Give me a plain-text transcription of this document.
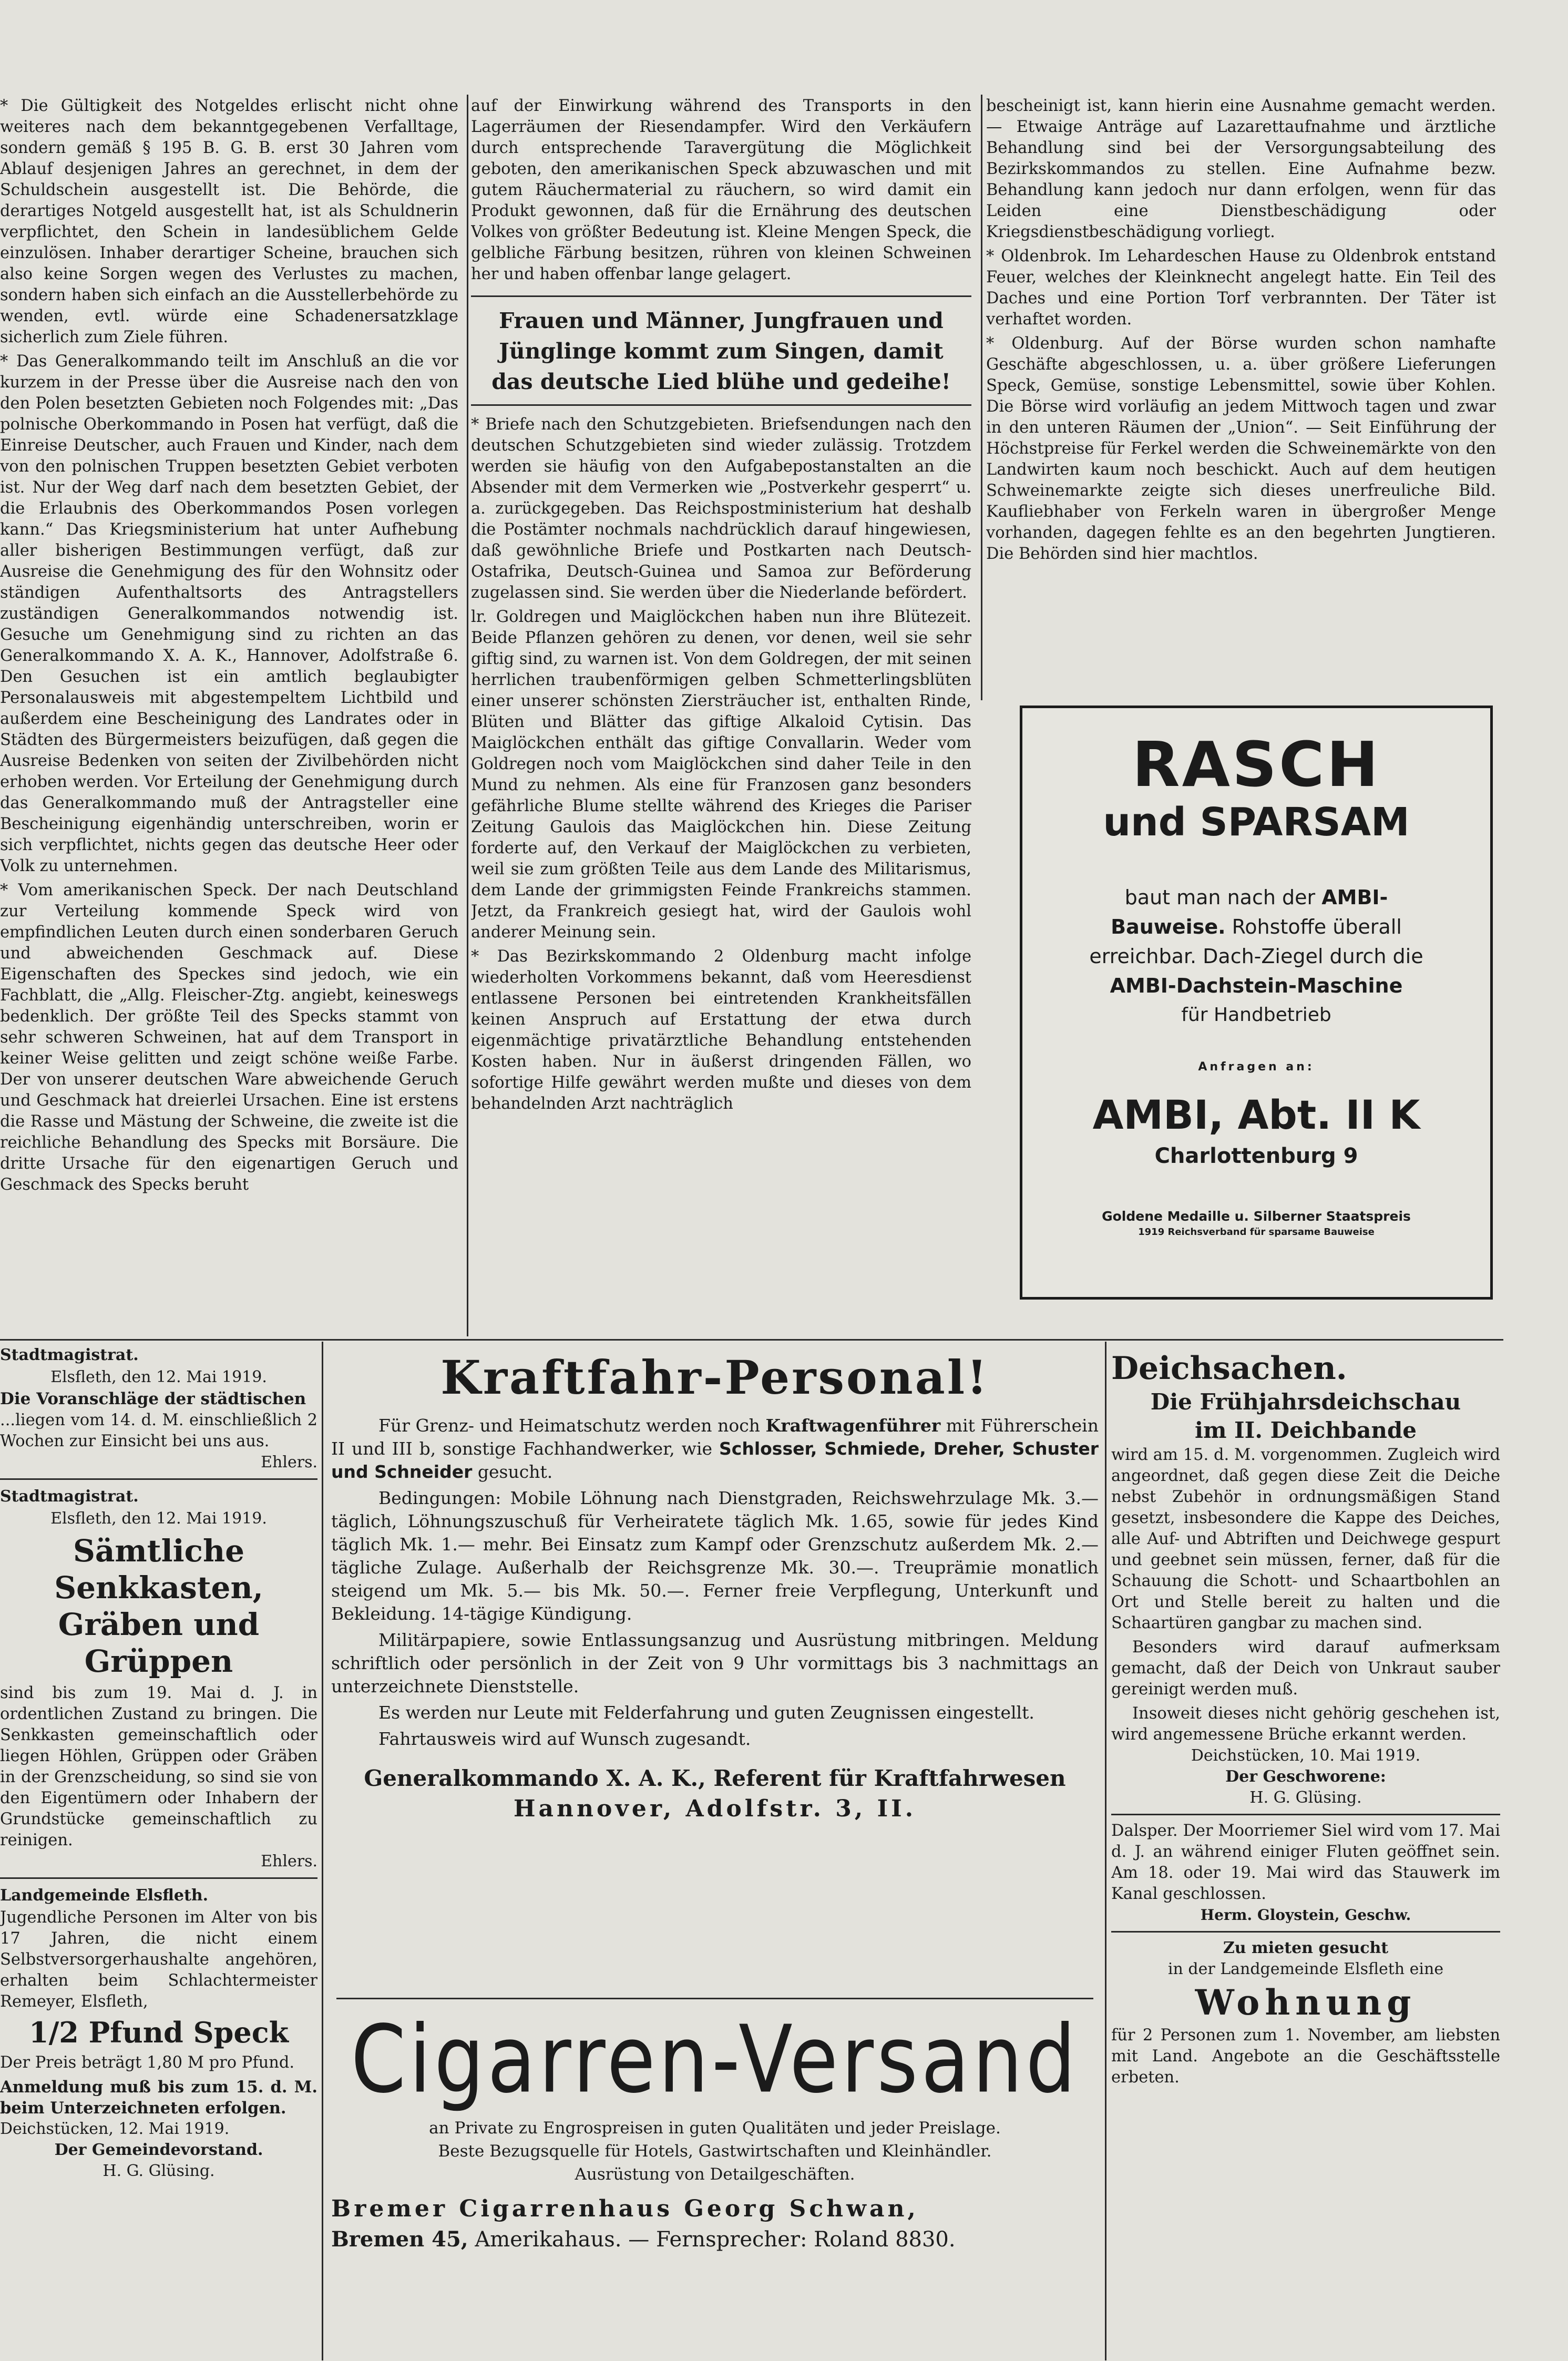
* Die Gültigkeit des Notgeldes erlischt nicht ohne weiteres nach dem bekanntgegebenen Verfalltage, sondern gemäß § 195 B. G. B. erst 30 Jahren vom Ablauf desjenigen Jahres an gerechnet, in dem der Schuldschein ausgestellt ist. Die Behörde, die derartiges Notgeld ausgestellt hat, ist als Schuldnerin verpflichtet, den Schein in landesüblichem Gelde einzulösen. Inhaber derartiger Scheine, brauchen sich also keine Sorgen wegen des Verlustes zu machen, sondern haben sich einfach an die Ausstellerbehörde zu wenden, evtl. würde eine Schadenersatzklage sicherlich zum Ziele führen.

* Das Generalkommando teilt im Anschluß an die vor kurzem in der Presse über die Ausreise nach den von den Polen besetzten Gebieten noch Folgendes mit: „Das polnische Oberkommando in Posen hat verfügt, daß die Einreise Deutscher, auch Frauen und Kinder, nach dem von den polnischen Truppen besetzten Gebiet verboten ist. Nur der Weg darf nach dem besetzten Gebiet, der die Erlaubnis des Oberkommandos Posen vorlegen kann.“ Das Kriegsministerium hat unter Aufhebung aller bisherigen Bestimmungen verfügt, daß zur Ausreise die Genehmigung des für den Wohnsitz oder ständigen Aufenthaltsorts des Antragstellers zuständigen Generalkommandos notwendig ist. Gesuche um Genehmigung sind zu richten an das Generalkommando X. A. K., Hannover, Adolfstraße 6. Den Gesuchen ist ein amtlich beglaubigter Personalausweis mit abgestempeltem Lichtbild und außerdem eine Bescheinigung des Landrates oder in Städten des Bürgermeisters beizufügen, daß gegen die Ausreise Bedenken von seiten der Zivilbehörden nicht erhoben werden. Vor Erteilung der Genehmigung durch das Generalkommando muß der Antragsteller eine Bescheinigung eigenhändig unterschreiben, worin er sich verpflichtet, nichts gegen das deutsche Heer oder Volk zu unternehmen.

* Vom amerikanischen Speck. Der nach Deutschland zur Verteilung kommende Speck wird von empfindlichen Leuten durch einen sonderbaren Geruch und abweichenden Geschmack auf. Diese Eigenschaften des Speckes sind jedoch, wie ein Fachblatt, die „Allg. Fleischer-Ztg. angiebt, keineswegs bedenklich. Der größte Teil des Specks stammt von sehr schweren Schweinen, hat auf dem Transport in keiner Weise gelitten und zeigt schöne weiße Farbe. Der von unserer deutschen Ware abweichende Geruch und Geschmack hat dreierlei Ursachen. Eine ist erstens die Rasse und Mästung der Schweine, die zweite ist die reichliche Behandlung des Specks mit Borsäure. Die dritte Ursache für den eigenartigen Geruch und Geschmack des Specks beruht

auf der Einwirkung während des Transports in den Lagerräumen der Riesendampfer. Wird den Verkäufern durch entsprechende Taravergütung die Möglichkeit geboten, den amerikanischen Speck abzuwaschen und mit gutem Räuchermaterial zu räuchern, so wird damit ein Produkt gewonnen, daß für die Ernährung des deutschen Volkes von größter Bedeutung ist. Kleine Mengen Speck, die gelbliche Färbung besitzen, rühren von kleinen Schweinen her und haben offenbar lange gelagert.

Frauen und Männer, Jungfrauen und Jünglinge kommt zum Singen, damit das deutsche Lied blühe und gedeihe!

* Briefe nach den Schutzgebieten. Briefsendungen nach den deutschen Schutzgebieten sind wieder zulässig. Trotzdem werden sie häufig von den Aufgabepostanstalten an die Absender mit dem Vermerken wie „Postverkehr gesperrt“ u. a. zurückgegeben. Das Reichspostministerium hat deshalb die Postämter nochmals nachdrücklich darauf hingewiesen, daß gewöhnliche Briefe und Postkarten nach Deutsch-Ostafrika, Deutsch-Guinea und Samoa zur Beförderung zugelassen sind. Sie werden über die Niederlande befördert.

lr. Goldregen und Maiglöckchen haben nun ihre Blütezeit. Beide Pflanzen gehören zu denen, vor denen, weil sie sehr giftig sind, zu warnen ist. Von dem Goldregen, der mit seinen herrlichen traubenförmigen gelben Schmetterlingsblüten einer unserer schönsten Ziersträucher ist, enthalten Rinde, Blüten und Blätter das giftige Alkaloid Cytisin. Das Maiglöckchen enthält das giftige Convallarin. Weder vom Goldregen noch vom Maiglöckchen sind daher Teile in den Mund zu nehmen. Als eine für Franzosen ganz besonders gefährliche Blume stellte während des Krieges die Pariser Zeitung Gaulois das Maiglöckchen hin. Diese Zeitung forderte auf, den Verkauf der Maiglöckchen zu verbieten, weil sie zum größten Teile aus dem Lande des Militarismus, dem Lande der grimmigsten Feinde Frankreichs stammen. Jetzt, da Frankreich gesiegt hat, wird der Gaulois wohl anderer Meinung sein.

* Das Bezirkskommando 2 Oldenburg macht infolge wiederholten Vorkommens bekannt, daß vom Heeresdienst entlassene Personen bei eintretenden Krankheitsfällen keinen Anspruch auf Erstattung der etwa durch eigenmächtige privatärztliche Behandlung entstehenden Kosten haben. Nur in äußerst dringenden Fällen, wo sofortige Hilfe gewährt werden mußte und dieses von dem behandelnden Arzt nachträglich

bescheinigt ist, kann hierin eine Ausnahme gemacht werden. — Etwaige Anträge auf Lazarettaufnahme und ärztliche Behandlung sind bei der Versorgungsabteilung des Bezirkskommandos zu stellen. Eine Aufnahme bezw. Behandlung kann jedoch nur dann erfolgen, wenn für das Leiden eine Dienstbeschädigung oder Kriegsdienstbeschädigung vorliegt.

* Oldenbrok. Im Lehardeschen Hause zu Oldenbrok entstand Feuer, welches der Kleinknecht angelegt hatte. Ein Teil des Daches und eine Portion Torf verbrannten. Der Täter ist verhaftet worden.

* Oldenburg. Auf der Börse wurden schon namhafte Geschäfte abgeschlossen, u. a. über größere Lieferungen Speck, Gemüse, sonstige Lebensmittel, sowie über Kohlen. Die Börse wird vorläufig an jedem Mittwoch tagen und zwar in den unteren Räumen der „Union“. — Seit Einführung der Höchstpreise für Ferkel werden die Schweinemärkte von den Landwirten kaum noch beschickt. Auch auf dem heutigen Schweinemarkte zeigte sich dieses unerfreuliche Bild. Kaufliebhaber von Ferkeln waren in übergroßer Menge vorhanden, dagegen fehlte es an den begehrten Jungtieren. Die Behörden sind hier machtlos.

RASCH
und SPARSAM
baut man nach der AMBI-
Bauweise. Rohstoffe überall
erreichbar. Dach-Ziegel durch die
AMBI-Dachstein-Maschine
für Handbetrieb
Anfragen an:
AMBI, Abt. II K
Charlottenburg 9
Goldene Medaille u. Silberner Staatspreis
1919 Reichsverband für sparsame Bauweise
Stadtmagistrat.
Elsfleth, den 12. Mai 1919.
Die Voranschläge der städtischen

...liegen vom 14. d. M. einschließlich 2 Wochen zur Einsicht bei uns aus.

Ehlers.
Stadtmagistrat.
Elsfleth, den 12. Mai 1919.
Sämtliche Senkkasten, Gräben und Grüppen

sind bis zum 19. Mai d. J. in ordentlichen Zustand zu bringen. Die Senkkasten gemeinschaftlich oder liegen Höhlen, Grüppen oder Gräben in der Grenzscheidung, so sind sie von den Eigentümern oder Inhabern der Grundstücke gemeinschaftlich zu reinigen.

Ehlers.
Landgemeinde Elsfleth.

Jugendliche Personen im Alter von bis 17 Jahren, die nicht einem Selbstversorgerhaushalte angehören, erhalten beim Schlachtermeister Remeyer, Elsfleth,

1/2 Pfund Speck

Der Preis beträgt 1,80 M pro Pfund.

Anmeldung muß bis zum 15. d. M. beim Unterzeichneten erfolgen.

Deichstücken, 12. Mai 1919.
Der Gemeindevorstand.
H. G. Glüsing.
Kraftfahr-Personal!

Für Grenz- und Heimatschutz werden noch Kraftwagenführer mit Führerschein II und III b, sonstige Fachhandwerker, wie Schlosser, Schmiede, Dreher, Schuster und Schneider gesucht.

Bedingungen: Mobile Löhnung nach Dienstgraden, Reichswehrzulage Mk. 3.— täglich, Löhnungszuschuß für Verheiratete täglich Mk. 1.65, sowie für jedes Kind täglich Mk. 1.— mehr. Bei Einsatz zum Kampf oder Grenzschutz außerdem Mk. 2.— tägliche Zulage. Außerhalb der Reichsgrenze Mk. 30.—. Treuprämie monatlich steigend um Mk. 5.— bis Mk. 50.—. Ferner freie Verpflegung, Unterkunft und Bekleidung. 14-tägige Kündigung.

Militärpapiere, sowie Entlassungsanzug und Ausrüstung mitbringen. Meldung schriftlich oder persönlich in der Zeit von 9 Uhr vormittags bis 3 nachmittags an unterzeichnete Dienststelle.

Es werden nur Leute mit Felderfahrung und guten Zeugnissen eingestellt.

Fahrtausweis wird auf Wunsch zugesandt.

Generalkommando X. A. K., Referent für Kraftfahrwesen
Hannover, Adolfstr. 3, II.
Cigarren-Versand
an Private zu Engrospreisen in guten Qualitäten und jeder Preislage.
Beste Bezugsquelle für Hotels, Gastwirtschaften und Kleinhändler.
Ausrüstung von Detailgeschäften.
Bremer Cigarrenhaus Georg Schwan,
Bremen 45, Amerikahaus. — Fernsprecher: Roland 8830.
Deichsachen.
Die Frühjahrsdeichschau
im II. Deichbande

wird am 15. d. M. vorgenommen. Zugleich wird angeordnet, daß gegen diese Zeit die Deiche nebst Zubehör in ordnungsmäßigen Stand gesetzt, insbesondere die Kappe des Deiches, alle Auf- und Abtriften und Deichwege gespurt und geebnet sein müssen, ferner, daß für die Schauung die Schott- und Schaartbohlen an Ort und Stelle bereit zu halten und die Schaartüren gangbar zu machen sind.

Besonders wird darauf aufmerksam gemacht, daß der Deich von Unkraut sauber gereinigt werden muß.

Insoweit dieses nicht gehörig geschehen ist, wird angemessene Brüche erkannt werden.

Deichstücken, 10. Mai 1919.
Der Geschworene:
H. G. Glüsing.

Dalsper. Der Moorriemer Siel wird vom 17. Mai d. J. an während einiger Fluten geöffnet sein. Am 18. oder 19. Mai wird das Stauwerk im Kanal geschlossen.

Herm. Gloystein, Geschw.
Zu mieten gesucht
in der Landgemeinde Elsfleth eine
Wohnung

für 2 Personen zum 1. November, am liebsten mit Land. Angebote an die Geschäftsstelle erbeten.
